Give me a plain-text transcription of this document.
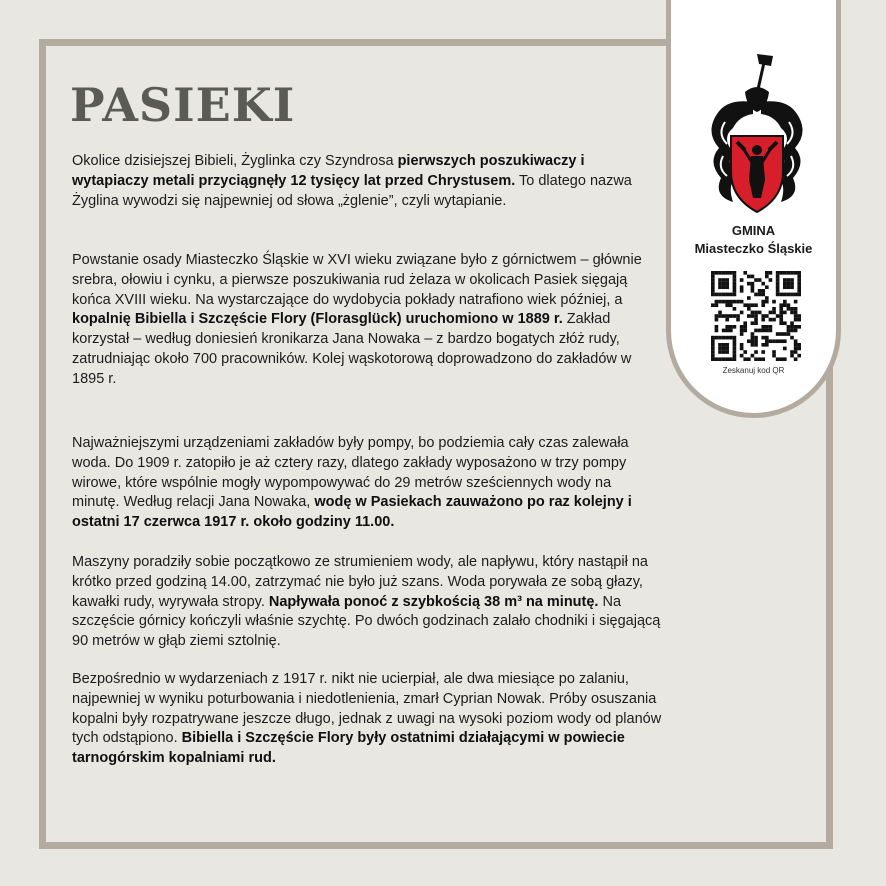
PASIEKI
Okolice dzisiejszej Bibieli, Żyglinka czy Szyndrosa pierwszych poszukiwaczy i wytapiaczy metali przyciągnęły 12 tysięcy lat przed Chrystusem. To dlatego nazwa Żyglina wywodzi się najpewniej od słowa „żglenie”, czyli wytapianie.
Powstanie osady Miasteczko Śląskie w XVI wieku związane było z górnictwem – głównie srebra, ołowiu i cynku, a pierwsze poszukiwania rud żelaza w okolicach Pasiek sięgają końca XVIII wieku. Na wystarczające do wydobycia pokłady natrafiono wiek później, a kopalnię Bibiella i Szczęście Flory (Florasglück) uruchomiono w 1889 r. Zakład korzystał – według doniesień kronikarza Jana Nowaka – z bardzo bogatych złóż rudy, zatrudniając około 700 pracowników. Kolej wąskotorową doprowadzono do zakładów w 1895 r.
Najważniejszymi urządzeniami zakładów były pompy, bo podziemia cały czas zalewała woda. Do 1909 r. zatopiło je aż cztery razy, dlatego zakłady wyposażono w trzy pompy wirowe, które wspólnie mogły wypompowywać do 29 metrów sześciennych wody na minutę. Według relacji Jana Nowaka, wodę w Pasiekach zauważono po raz kolejny i ostatni 17 czerwca 1917 r. około godziny 11.00.
Maszyny poradziły sobie początkowo ze strumieniem wody, ale napływu, który nastąpił na krótko przed godziną 14.00, zatrzymać nie było już szans. Woda porywała ze sobą głazy, kawałki rudy, wyrywała stropy. Napływała ponoć z szybkością 38 m³ na minutę. Na szczęście górnicy kończyli właśnie szychtę. Po dwóch godzinach zalało chodniki i sięgającą 90 metrów w głąb ziemi sztolnię.
Bezpośrednio w wydarzeniach z 1917 r. nikt nie ucierpiał, ale dwa miesiące po zalaniu, najpewniej w wyniku poturbowania i niedotlenienia, zmarł Cyprian Nowak. Próby osuszania kopalni były rozpatrywane jeszcze długo, jednak z uwagi na wysoki poziom wody od planów tych odstąpiono. Bibiella i Szczęście Flory były ostatnimi działającymi w powiecie tarnogórskim kopalniami rud.
GMINA
Miasteczko Śląskie
Zeskanuj kod QR
